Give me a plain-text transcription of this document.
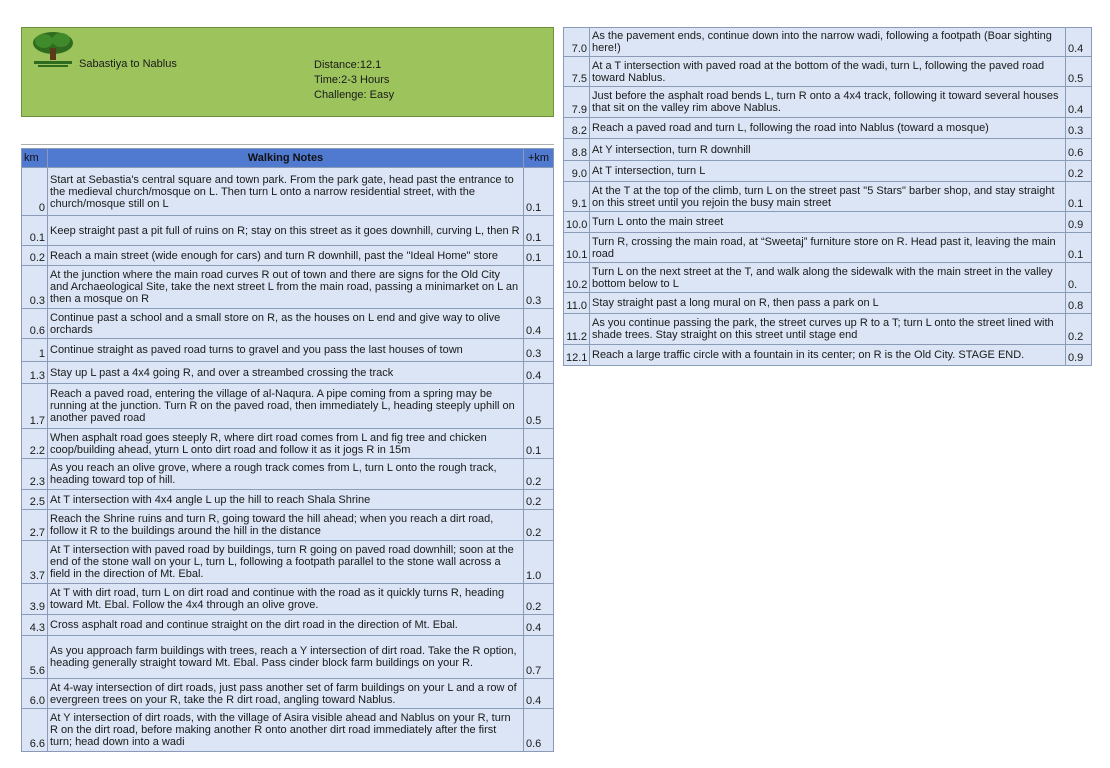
Sabastiya to Nablus	Distance:12.1
Time:2-3 Hours
Challenge: Easy
km	Walking Notes	+km
0	Start at Sebastia's central square and town park. From the park gate, head past the entrance to the medieval church/mosque on L. Then turn L onto a narrow residential street, with the church/mosque still on L	0.1
0.1	Keep straight past a pit full of ruins on R; stay on this street as it goes downhill, curving L, then R	0.1
0.2	Reach a main street (wide enough for cars) and turn R downhill, past the "Ideal Home" store	0.1
0.3	At the junction where the main road curves R out of town and there are signs for the Old City and Archaeological Site, take the next street L from the main road, passing a minimarket on L an then a mosque on R	0.3
0.6	Continue past a school and a small store on R, as the houses on L end and give way to olive orchards	0.4
1	Continue straight as paved road turns to gravel and you pass the last houses of town	0.3
1.3	Stay up L past a 4x4 going R, and over a streambed crossing the track	0.4
1.7	Reach a paved road, entering the village of al-Naqura. A pipe coming from a spring may be running at the junction. Turn R on the paved road, then immediately L, heading steeply uphill on another paved road	0.5
2.2	When asphalt road goes steeply R, where dirt road comes from L and fig tree and chicken coop/building ahead, yturn L onto dirt road and follow it as it jogs R in 15m	0.1
2.3	As you reach an olive grove, where a rough track comes from L, turn L onto the rough track, heading toward top of hill.	0.2
2.5	At T intersection with 4x4 angle L up the hill to reach Shala Shrine	0.2
2.7	Reach the Shrine ruins and turn R, going toward the hill ahead; when you reach a dirt road, follow it R to the buildings around the hill in the distance	0.2
3.7	At T intersection with paved road by buildings, turn R going on paved road downhill; soon at the end of the stone wall on your L, turn L, following a footpath parallel to the stone wall across a field in the direction of Mt. Ebal.	1.0
3.9	At T with dirt road, turn L on dirt road and continue with the road as it quickly turns R, heading toward Mt. Ebal. Follow the 4x4 through an olive grove.	0.2
4.3	Cross asphalt road and continue straight on the dirt road in the direction of Mt. Ebal.	0.4
5.6	As you approach farm buildings with trees, reach a Y intersection of dirt road. Take the R option, heading generally straight toward Mt. Ebal. Pass cinder block farm buildings on your R.	0.7
6.0	At 4-way intersection of dirt roads, just pass another set of farm buildings on your L and a row of evergreen trees on your R, take the R dirt road, angling toward Nablus.	0.4
6.6	At Y intersection of dirt roads, with the village of Asira visible ahead and Nablus on your R, turn R on the dirt road, before making another R onto another dirt road immediately after the first turn; head down into a wadi	0.6
7.0	As the pavement ends, continue down into the narrow wadi, following a footpath (Boar sighting here!)	0.4
7.5	At a T intersection with paved road at the bottom of the wadi, turn L, following the paved road toward Nablus.	0.5
7.9	Just before the asphalt road bends L, turn R onto a 4x4 track, following it toward several houses that sit on the valley rim above Nablus.	0.4
8.2	Reach a paved road and turn L, following the road into Nablus (toward a mosque)	0.3
8.8	At Y intersection, turn R downhill	0.6
9.0	At T intersection, turn L	0.2
9.1	At the T at the top of the climb, turn L on the street past "5 Stars" barber shop, and stay straight on this street until you rejoin the busy main street	0.1
10.0	Turn L onto the main street	0.9
10.1	Turn R, crossing the main road, at “Sweetaj” furniture store on R. Head past it, leaving the main road	0.1
10.2	Turn L on the next street at the T, and walk along the sidewalk with the main street in the valley bottom below to L	0.
11.0	Stay straight past a long mural on R, then pass a park on L	0.8
11.2	As you continue passing the park, the street curves up R to a T; turn L onto the street lined with shade trees. Stay straight on this street until stage end	0.2
12.1	Reach a large traffic circle with a fountain in its center; on R is the Old City. STAGE END.	0.9
